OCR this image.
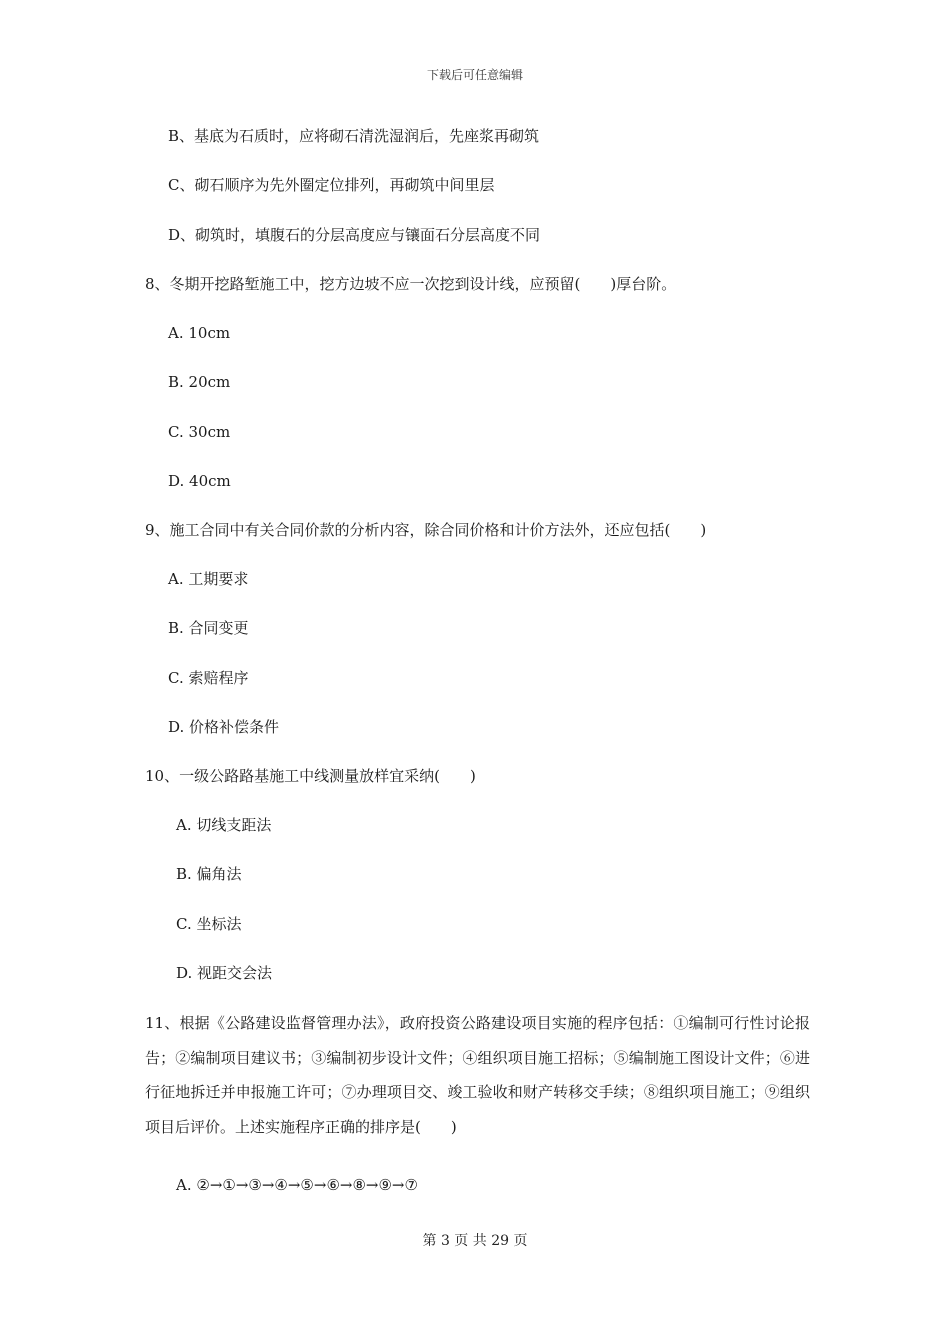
下载后可任意编辑
B、基底为石质时，应将砌石清洗湿润后，先座浆再砌筑
C、砌石顺序为先外圈定位排列，再砌筑中间里层
D、砌筑时，填腹石的分层高度应与镶面石分层高度不同
8、冬期开挖路堑施工中，挖方边坡不应一次挖到设计线，应预留(　　)厚台阶。
A. 10cm
B. 20cm
C. 30cm
D. 40cm
9、施工合同中有关合同价款的分析内容，除合同价格和计价方法外，还应包括(　　)
A. 工期要求
B. 合同变更
C. 索赔程序
D. 价格补偿条件
10、一级公路路基施工中线测量放样宜采纳(　　)
A. 切线支距法
B. 偏角法
C. 坐标法
D. 视距交会法
11、根据《公路建设监督管理办法》，政府投资公路建设项目实施的程序包括：①编制可行性讨论报告；②编制项目建议书；③编制初步设计文件；④组织项目施工招标；⑤编制施工图设计文件；⑥进行征地拆迁并申报施工许可；⑦办理项目交、竣工验收和财产转移交手续；⑧组织项目施工；⑨组织项目后评价。上述实施程序正确的排序是(　　)
A. ②→①→③→④→⑤→⑥→⑧→⑨→⑦
第 3 页 共 29 页
